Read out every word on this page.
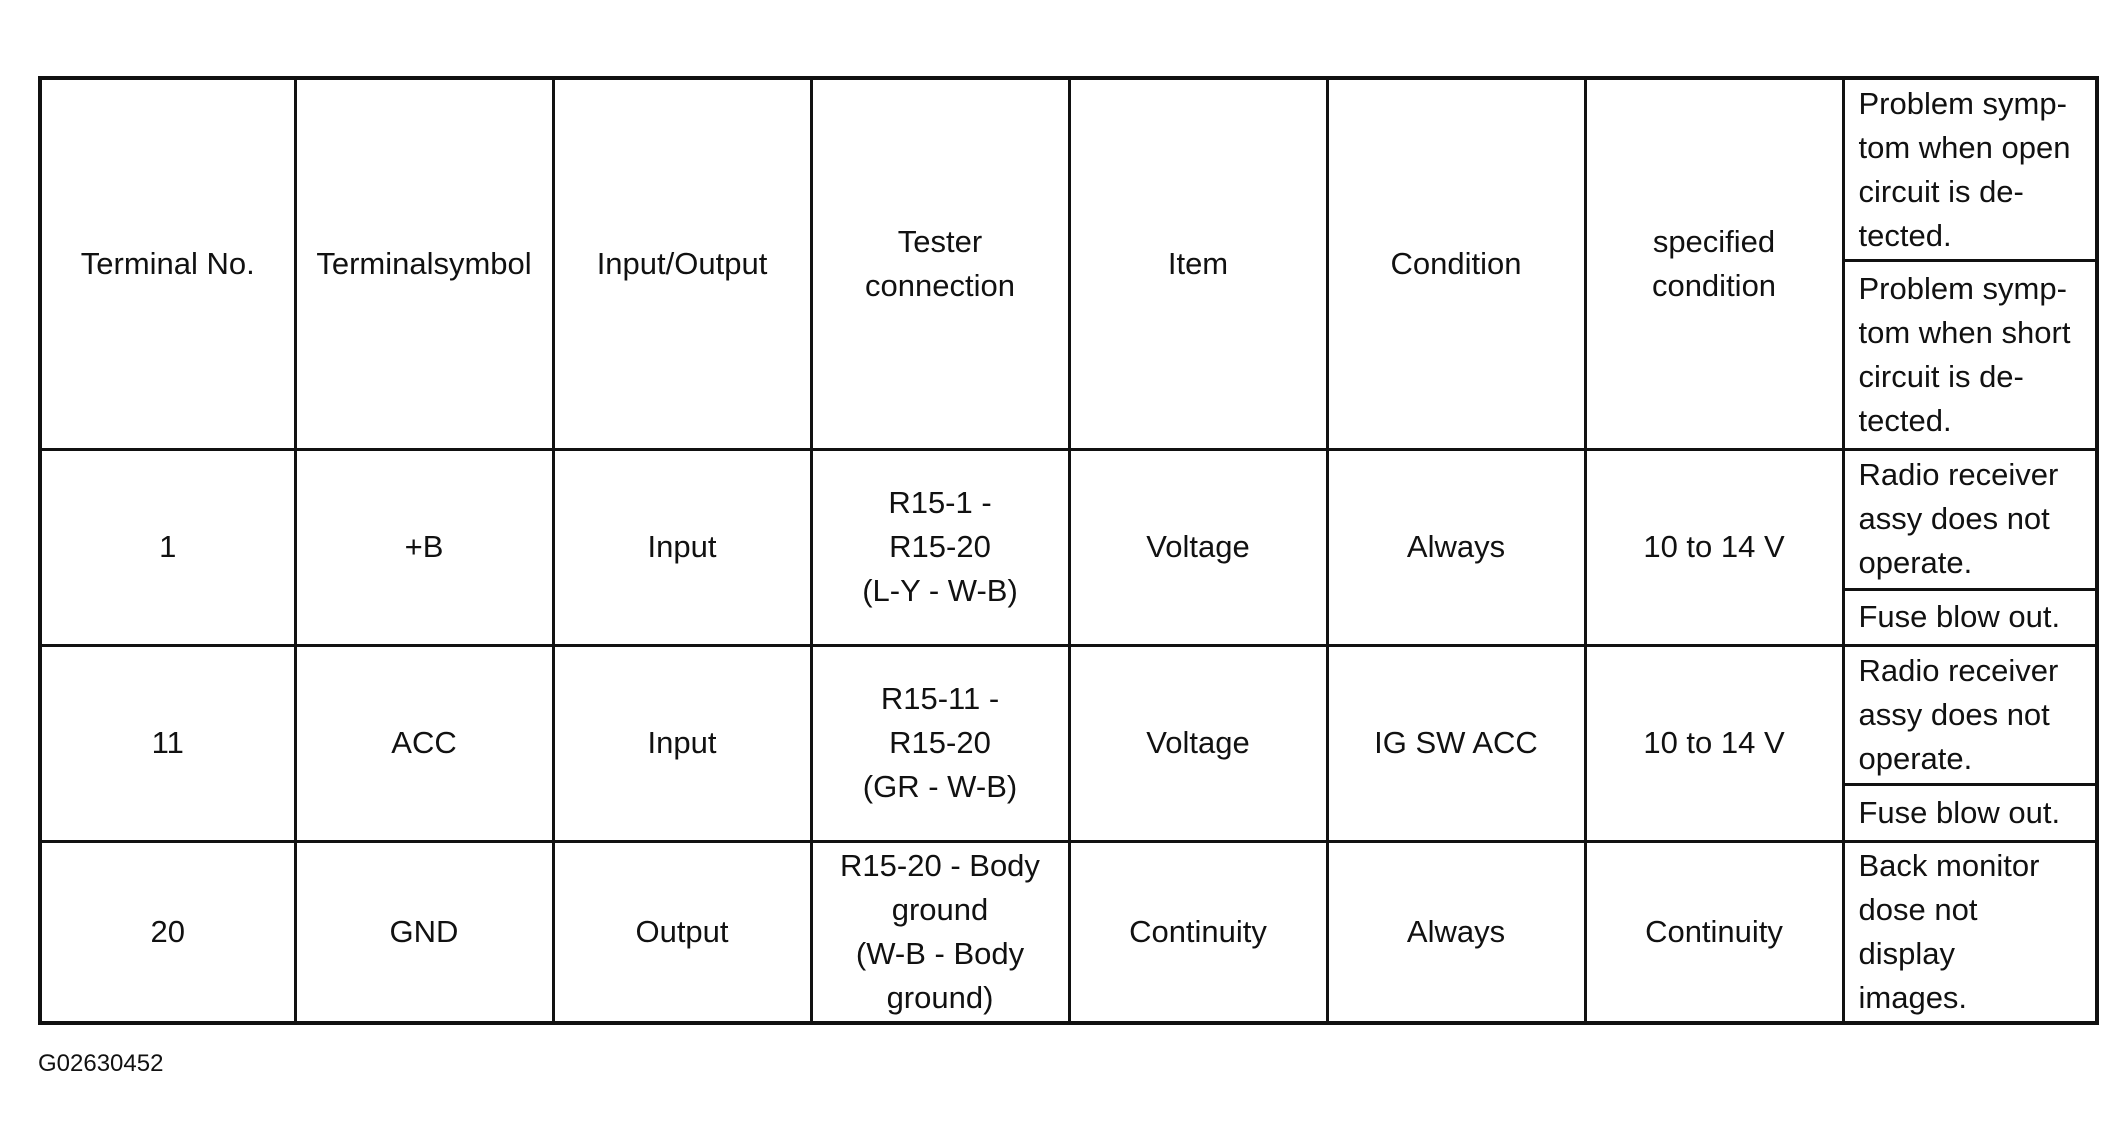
Terminal No.	Terminalsymbol	Input/Output	Tester
connection	Item	Condition	specified
condition	Problem symp-
tom when open
circuit is de-
tected.
							Problem symp-
tom when short
circuit is de-
tected.
1	+B	Input	R15-1 -
R15-20
(L-Y - W-B)	Voltage	Always	10 to 14 V	Radio receiver
assy does not
operate.
							Fuse blow out.
11	ACC	Input	R15-11 -
R15-20
(GR - W-B)	Voltage	IG SW ACC	10 to 14 V	Radio receiver
assy does not
operate.
							Fuse blow out.
20	GND	Output	R15-20 - Body
ground
(W-B - Body
ground)	Continuity	Always	Continuity	Back monitor
dose not display
images.
G02630452
